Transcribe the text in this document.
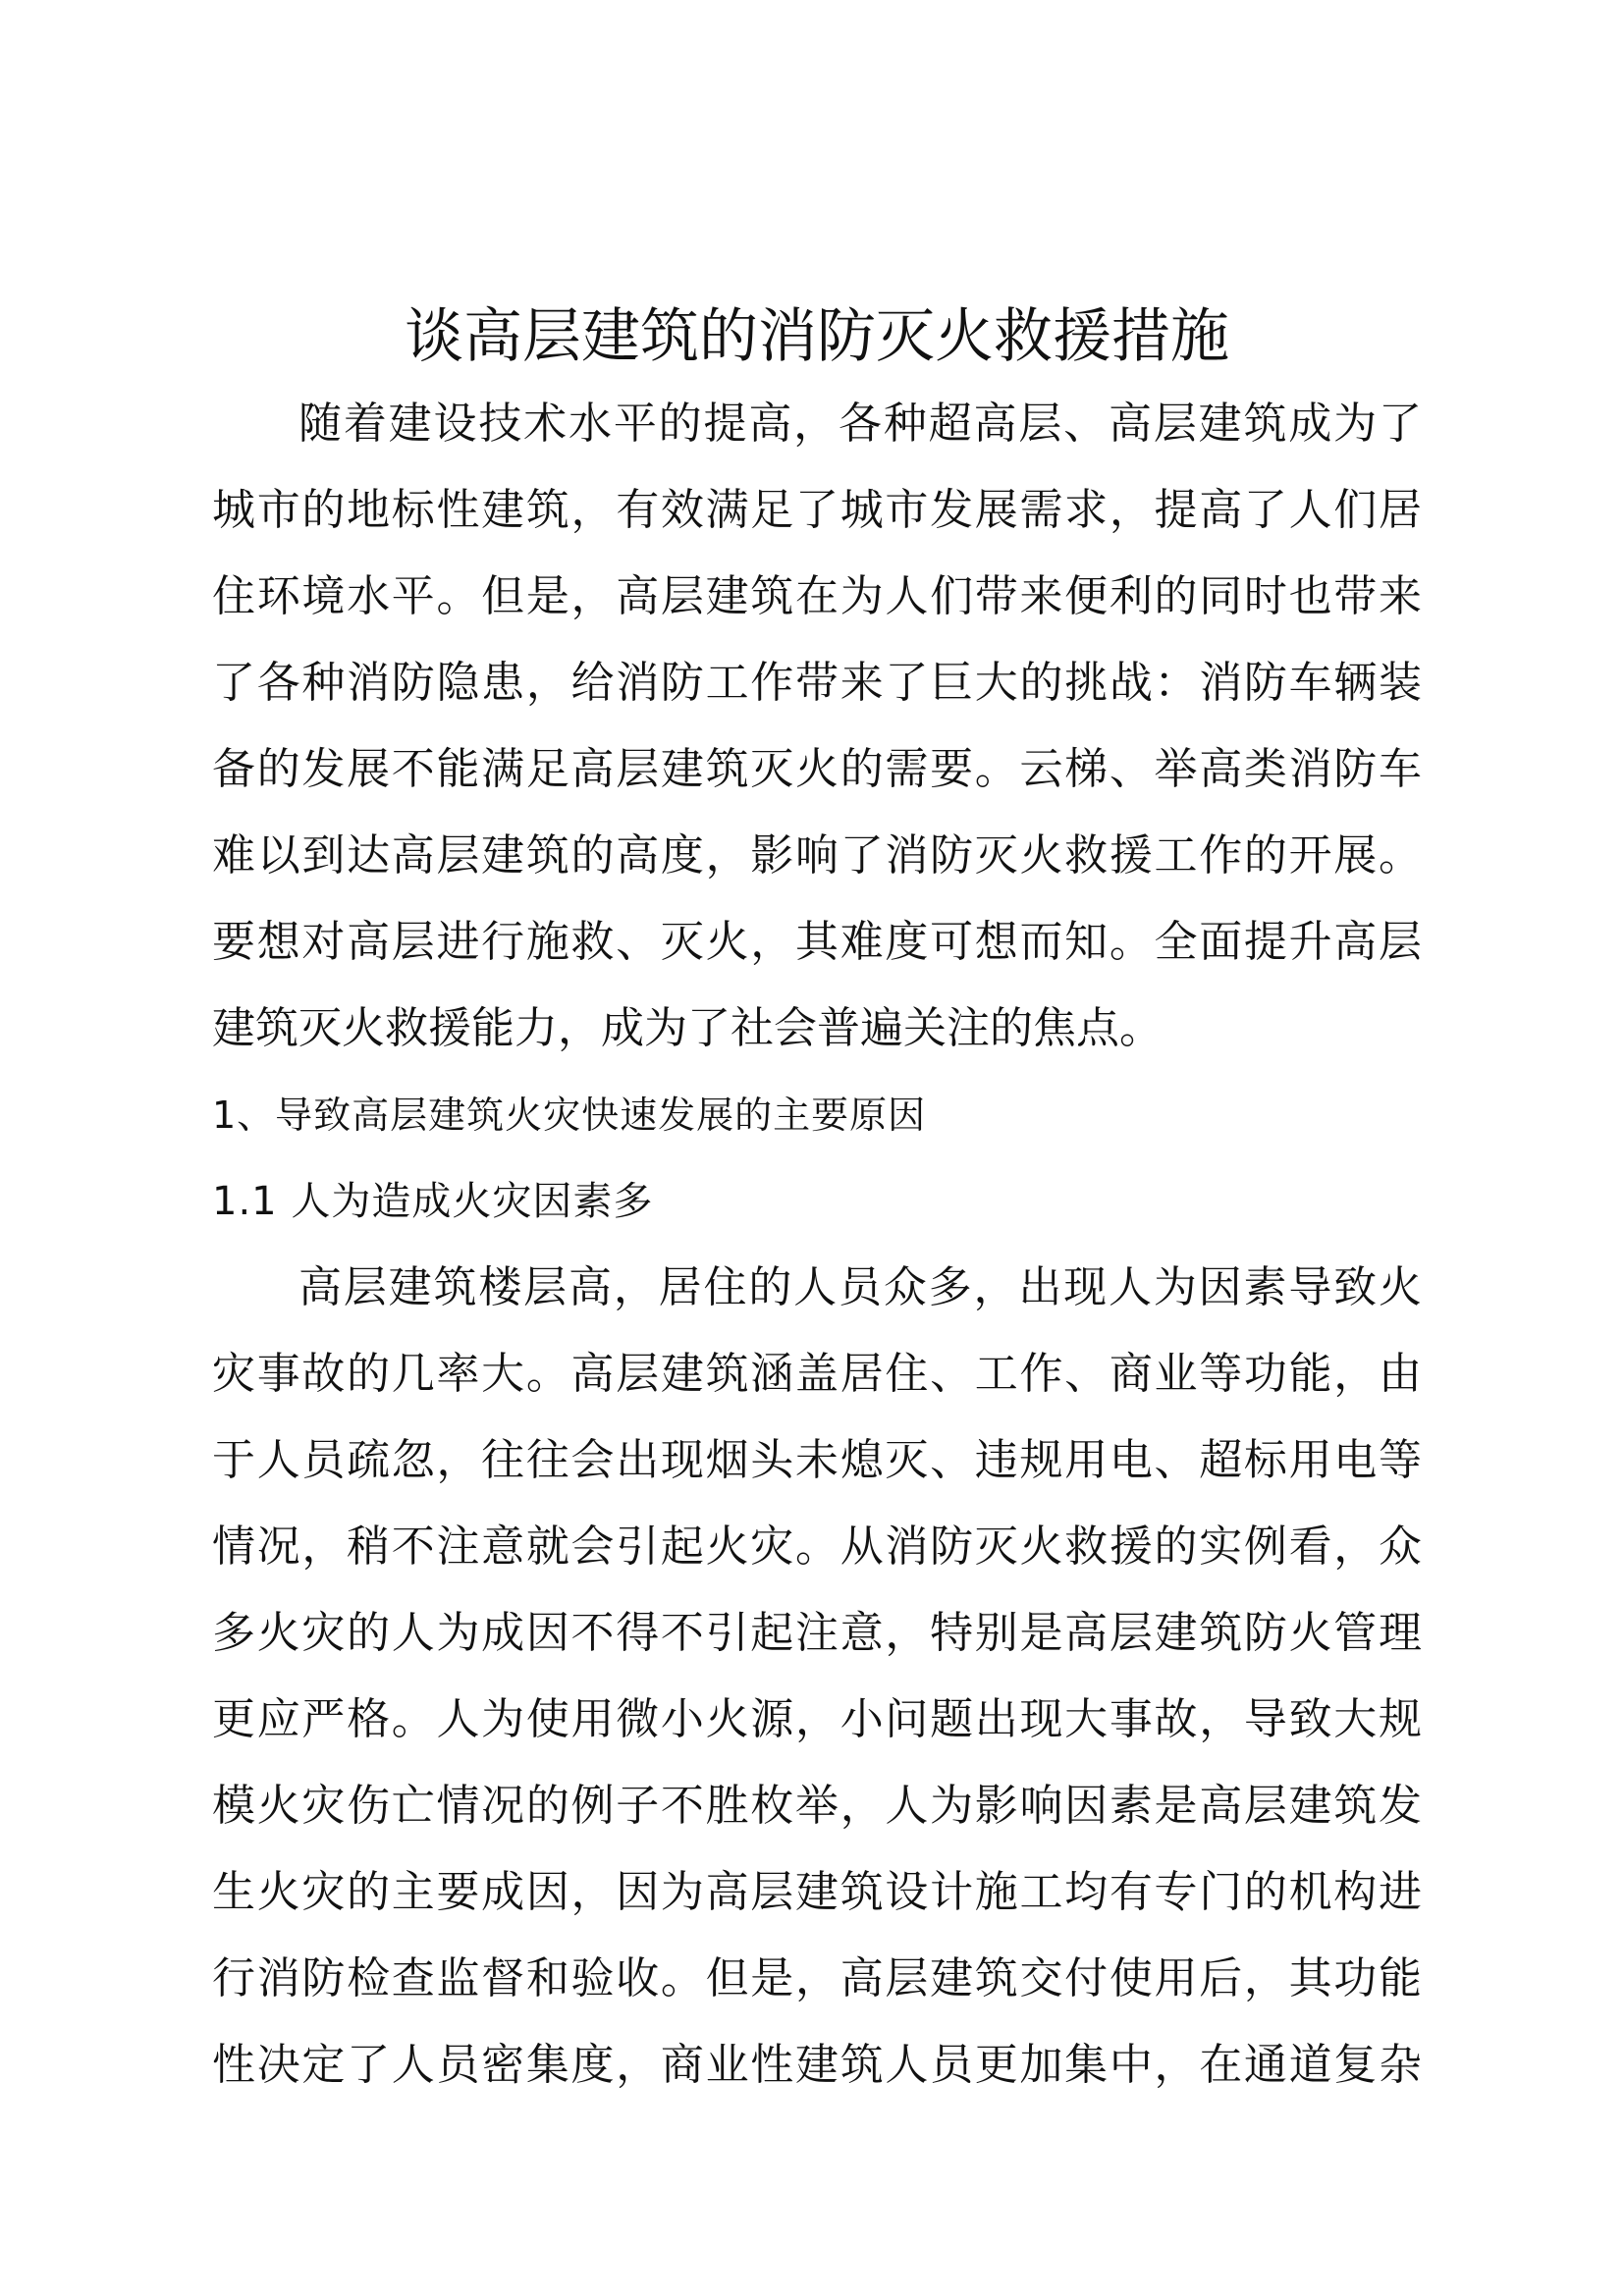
谈高层建筑的消防灭火救援措施
随着建设技术水平的提高，各种超高层、高层建筑成为了
城市的地标性建筑，有效满足了城市发展需求，提高了人们居
住环境水平。但是，高层建筑在为人们带来便利的同时也带来
了各种消防隐患，给消防工作带来了巨大的挑战：消防车辆装
备的发展不能满足高层建筑灭火的需要。云梯、举高类消防车
难以到达高层建筑的高度，影响了消防灭火救援工作的开展。
要想对高层进行施救、灭火，其难度可想而知。全面提升高层
建筑灭火救援能力，成为了社会普遍关注的焦点。
1、导致高层建筑火灾快速发展的主要原因
1.1 人为造成火灾因素多
高层建筑楼层高，居住的人员众多，出现人为因素导致火
灾事故的几率大。高层建筑涵盖居住、工作、商业等功能，由
于人员疏忽，往往会出现烟头未熄灭、违规用电、超标用电等
情况，稍不注意就会引起火灾。从消防灭火救援的实例看，众
多火灾的人为成因不得不引起注意，特别是高层建筑防火管理
更应严格。人为使用微小火源，小问题出现大事故，导致大规
模火灾伤亡情况的例子不胜枚举，人为影响因素是高层建筑发
生火灾的主要成因，因为高层建筑设计施工均有专门的机构进
行消防检查监督和验收。但是，高层建筑交付使用后，其功能
性决定了人员密集度，商业性建筑人员更加集中，在通道复杂
